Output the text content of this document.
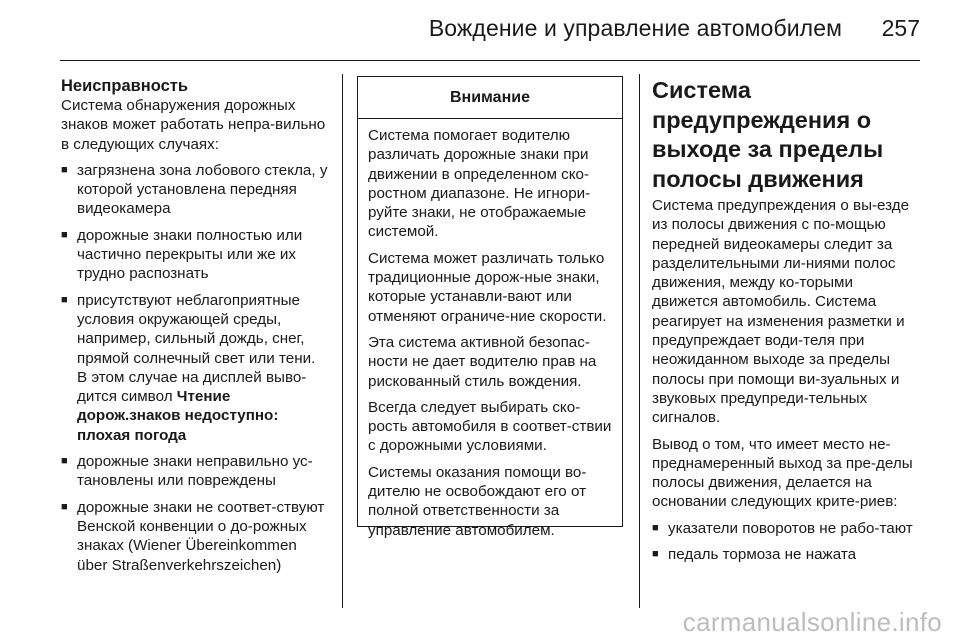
Вождение и управление автомобилем 257
Неисправность

Система обнаружения дорожных знаков может работать непра-вильно в следующих случаях:

■ загрязнена зона лобового стекла, у которой установлена передняя видеокамера
■ дорожные знаки полностью или частично перекрыты или же их трудно распознать
■ присутствуют неблагоприятные условия окружающей среды, например, сильный дождь, снег, прямой солнечный свет или тени. В этом случае на дисплей выво-дится символ Чтение дорож.знаков недоступно: плохая погода
■ дорожные знаки неправильно ус-тановлены или повреждены
■ дорожные знаки не соответ-ствуют Венской конвенции о до-рожных знаках (Wiener Übereinkommen über Straßenverkehrszeichen)
Внимание

Система помогает водителю различать дорожные знаки при движении в определенном ско-ростном диапазоне. Не игнори-руйте знаки, не отображаемые системой.

Система может различать только традиционные дорож-ные знаки, которые устанавли-вают или отменяют ограниче-ние скорости.

Эта система активной безопас-ности не дает водителю прав на рискованный стиль вождения.

Всегда следует выбирать ско-рость автомобиля в соответ-ствии с дорожными условиями.

Системы оказания помощи во-дителю не освобождают его от полной ответственности за управление автомобилем.

Система предупреждения о выходе за пределы полосы движения

Система предупреждения о вы-езде из полосы движения с по-мощью передней видеокамеры следит за разделительными ли-ниями полос движения, между ко-торыми движется автомобиль. Система реагирует на изменения разметки и предупреждает води-теля при неожиданном выходе за пределы полосы при помощи ви-зуальных и звуковых предупреди-тельных сигналов.

Вывод о том, что имеет место не-преднамеренный выход за пре-делы полосы движения, делается на основании следующих крите-риев:

■ указатели поворотов не рабо-тают
■ педаль тормоза не нажата
carmanualsonline.info
